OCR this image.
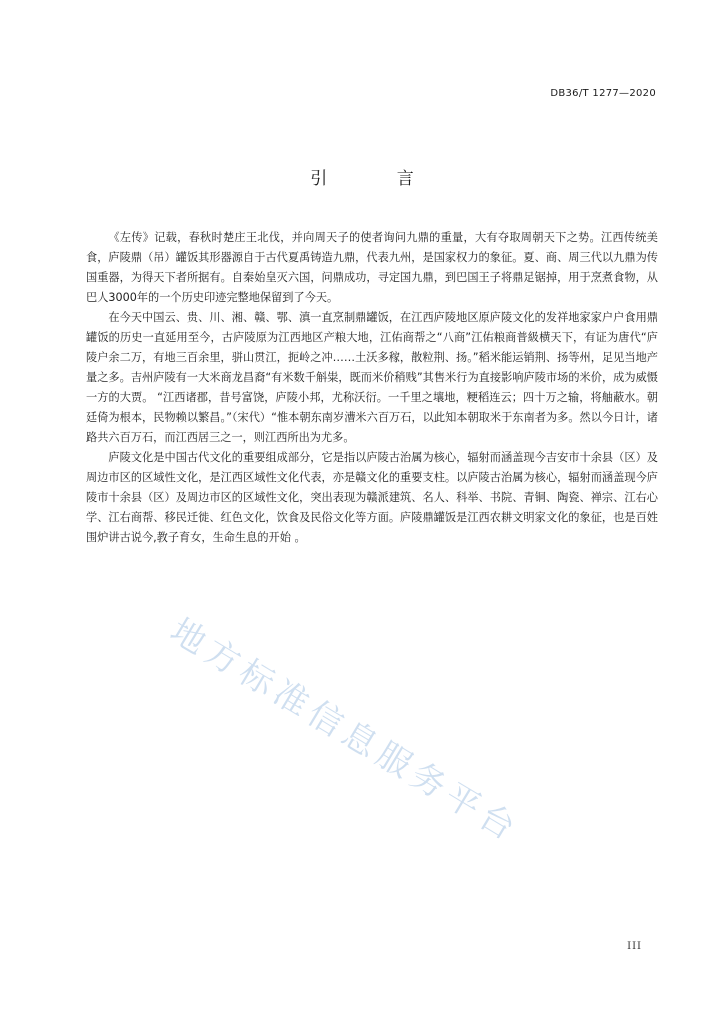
DB36/T 1277—2020
引 言

《左传》记载，春秋时楚庄王北伐，并向周天子的使者询问九鼎的重量，大有夺取周朝天下之势。江西传统美食，庐陵鼎（吊）罐饭其形器源自于古代夏禹铸造九鼎，代表九州，是国家权力的象征。夏、商、周三代以九鼎为传国重器，为得天下者所据有。自秦始皇灭六国，问鼎成功，寻定国九鼎，到巴国王子将鼎足锯掉，用于烹煮食物，从巴人3000年的一个历史印迹完整地保留到了今天。

在今天中国云、贵、川、湘、赣、鄂、滇一直烹制鼎罐饭，在江西庐陵地区原庐陵文化的发祥地家家户户食用鼎罐饭的历史一直延用至今，古庐陵原为江西地区产粮大地，江佑商帮之“八商”江佑粮商普級横天下，有证为唐代“庐陵户余二万，有地三百余里，骈山贯江，扼岭之冲……土沃多稼，散粒荆、扬。”稻米能运销荆、扬等州，足见当地产量之多。吉州庐陵有一大米商龙昌裔“有米数千斛粜，既而米价稍贱”其售米行为直接影响庐陵市场的米价，成为威慑一方的大贾。 “江西诸郡，昔号富饶，庐陵小邦，尤称沃衍。一千里之壤地，粳稻连云；四十万之输，将舳蔽水。朝廷倚为根本，民物赖以繁昌。”（宋代）“惟本朝东南岁漕米六百万石，以此知本朝取米于东南者为多。然以今日计，诸路共六百万石，而江西居三之一，则江西所出为尤多。

庐陵文化是中国古代文化的重要组成部分，它是指以庐陵古治属为核心，辐射而涵盖现今吉安市十余县（区）及周边市区的区域性文化，是江西区域性文化代表，亦是赣文化的重要支柱。以庐陵古治属为核心，辐射而涵盖现今庐陵市十余县（区）及周边市区的区域性文化，突出表现为赣派建筑、名人、科举、书院、青铜、陶瓷、禅宗、江右心学、江右商帮、移民迁徙、红色文化，饮食及民俗文化等方面。庐陵鼎罐饭是江西农耕文明家文化的象征，也是百姓围炉讲古说今,教子育女，生命生息的开始 。

地方标准信息服务平台
III
